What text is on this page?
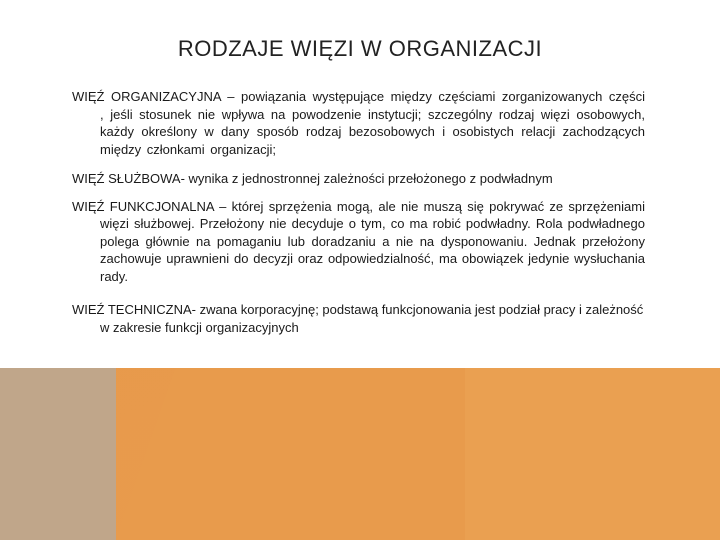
RODZAJE WIĘZI W ORGANIZACJI

WIĘŹ ORGANIZACYJNA – powiązania występujące między częściami zorganizowanych części , jeśli stosunek nie wpływa na powodzenie instytucji; szczególny rodzaj więzi osobowych, każdy określony w dany sposób rodzaj bezosobowych i osobistych relacji zachodzących między członkami organizacji;

WIĘŹ SŁUŻBOWA- wynika z jednostronnej zależności przełożonego z podwładnym

WIĘŹ FUNKCJONALNA – której sprzężenia mogą, ale nie muszą się pokrywać ze sprzężeniami więzi służbowej. Przełożony nie decyduje o tym, co ma robić podwładny. Rola podwładnego polega głównie na pomaganiu lub doradzaniu a nie na dysponowaniu. Jednak przełożony zachowuje uprawnieni do decyzji oraz odpowiedzialność, ma obowiązek jedynie wysłuchania rady.

WIEŹ TECHNICZNA- zwana korporacyjnę; podstawą funkcjonowania jest podział pracy i zależność w zakresie funkcji organizacyjnych
